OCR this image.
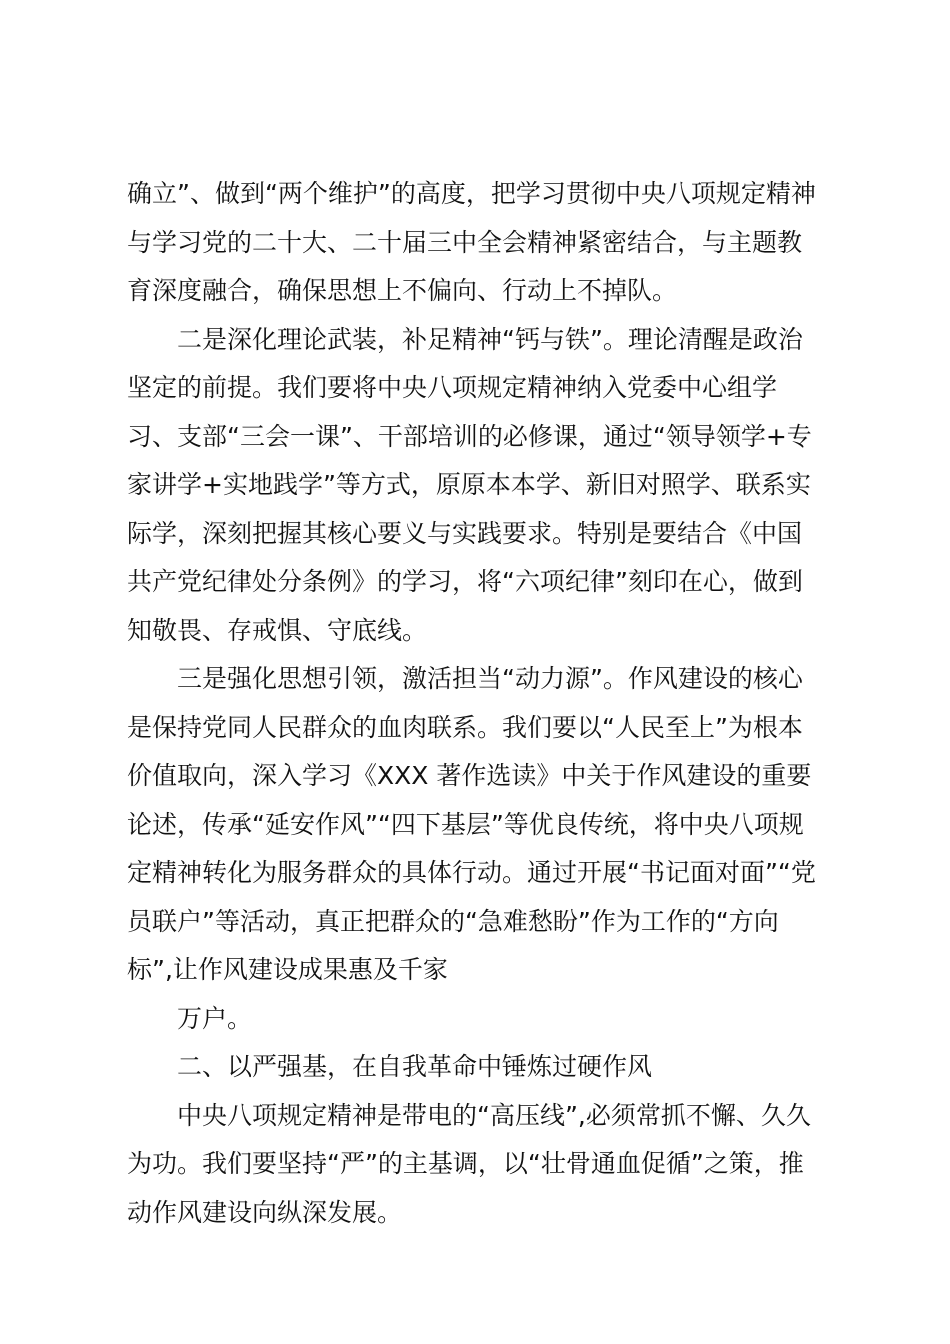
确立”、做到“两个维护”的高度，把学习贯彻中央八项规定精神
与学习党的二十大、二十届三中全会精神紧密结合，与主题教
育深度融合，确保思想上不偏向、行动上不掉队。
二是深化理论武装，补足精神“钙与铁”。理论清醒是政治
坚定的前提。我们要将中央八项规定精神纳入党委中心组学
习、支部“三会一课”、干部培训的必修课，通过“领导领学+专
家讲学+实地践学”等方式，原原本本学、新旧对照学、联系实
际学，深刻把握其核心要义与实践要求。特别是要结合《中国
共产党纪律处分条例》的学习，将“六项纪律”刻印在心，做到
知敬畏、存戒惧、守底线。
三是强化思想引领，激活担当“动力源”。作风建设的核心
是保持党同人民群众的血肉联系。我们要以“人民至上”为根本
价值取向，深入学习《XXX 著作选读》中关于作风建设的重要
论述，传承“延安作风”“四下基层”等优良传统，将中央八项规
定精神转化为服务群众的具体行动。通过开展“书记面对面”“党
员联户”等活动，真正把群众的“急难愁盼”作为工作的“方向
标”,让作风建设成果惠及千家
万户。
二、以严强基，在自我革命中锤炼过硬作风
中央八项规定精神是带电的“高压线”,必须常抓不懈、久久
为功。我们要坚持“严”的主基调，以“壮骨通血促循”之策，推
动作风建设向纵深发展。
